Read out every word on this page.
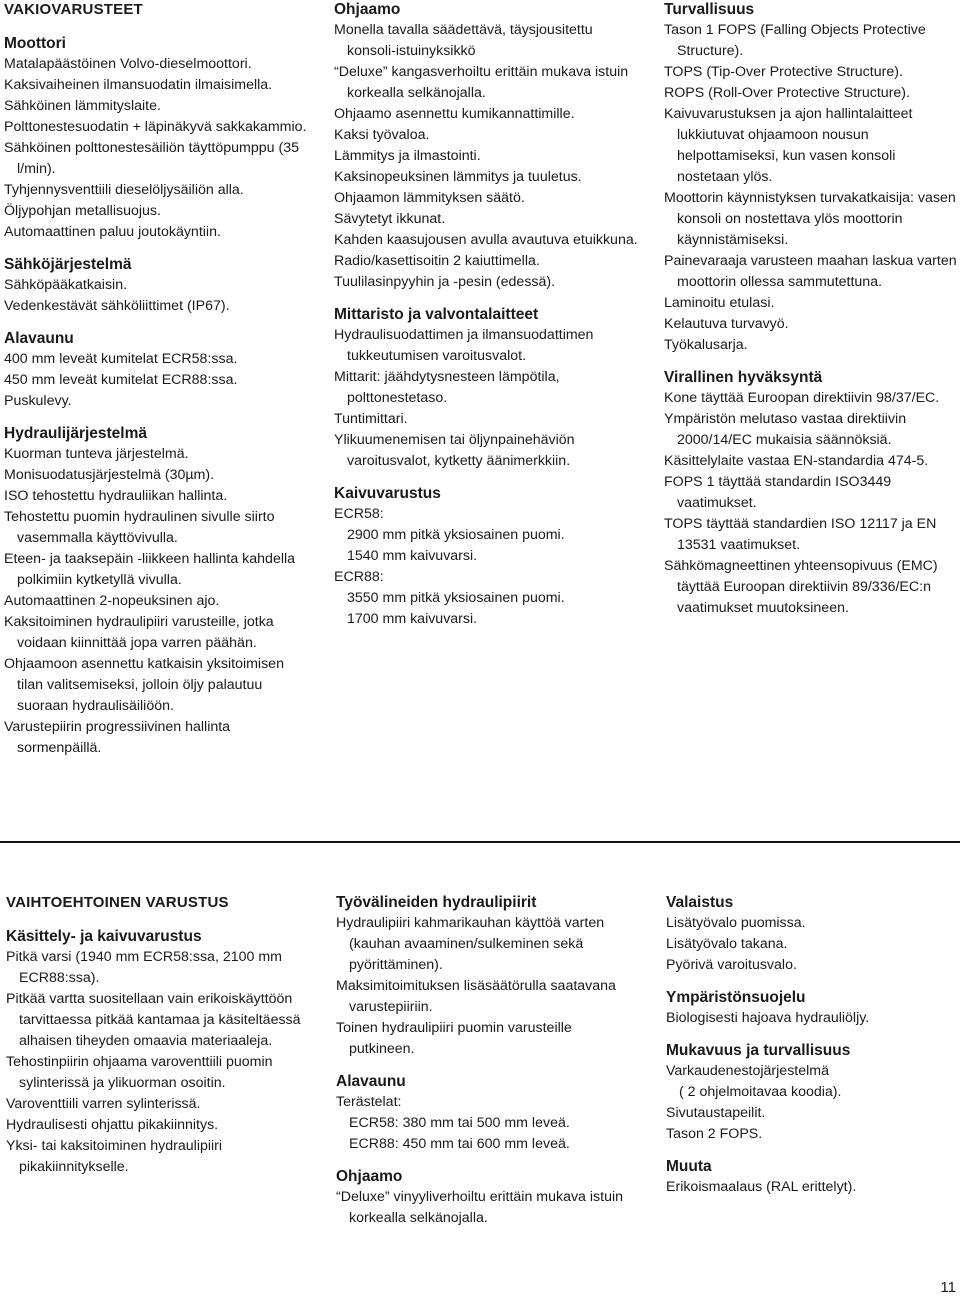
VAKIOVARUSTEET
Moottori
Matalapäästöinen Volvo-dieselmoottori.
Kaksivaiheinen ilmansuodatin ilmaisimella.
Sähköinen lämmityslaite.
Polttonestesuodatin + läpinäkyvä sakkakammio.
Sähköinen polttonestesäiliön täyttöpumppu (35 l/min).
Tyhjennysventtiili dieselöljysäiliön alla.
Öljypohjan metallisuojus.
Automaattinen paluu joutokäyntiin.
Sähköjärjestelmä
Sähköpääkatkaisin.
Vedenkestävät sähköliittimet (IP67).
Alavaunu
400 mm leveät kumitelat ECR58:ssa.
450 mm leveät kumitelat ECR88:ssa.
Puskulevy.
Hydraulijärjestelmä
Kuorman tunteva järjestelmä.
Monisuodatusjärjestelmä (30µm).
ISO tehostettu hydrauliikan hallinta.
Tehostettu puomin hydraulinen sivulle siirto vasemmalla käyttövivulla.
Eteen- ja taaksepäin -liikkeen hallinta kahdella polkimiin kytketyllä vivulla.
Automaattinen 2-nopeuksinen ajo.
Kaksitoiminen hydraulipiiri varusteille, jotka voidaan kiinnittää jopa varren päähän.
Ohjaamoon asennettu katkaisin yksitoimisen tilan valitsemiseksi, jolloin öljy palautuu suoraan hydraulisäiliöön.
Varustepiirin progressiivinen hallinta sormenpäillä.
Ohjaamo
Monella tavalla säädettävä, täysjousitettu konsoli-istuinyksikkö
“Deluxe” kangasverhoiltu erittäin mukava istuin korkealla selkänojalla.
Ohjaamo asennettu kumikannattimille.
Kaksi työvaloa.
Lämmitys ja ilmastointi.
Kaksinopeuksinen lämmitys ja tuuletus.
Ohjaamon lämmityksen säätö.
Sävytetyt ikkunat.
Kahden kaasujousen avulla avautuva etuikkuna.
Radio/kasettisoitin 2 kaiuttimella.
Tuulilasinpyyhin ja -pesin (edessä).
Mittaristo ja valvontalaitteet
Hydraulisuodattimen ja ilmansuodattimen tukkeutumisen varoitusvalot.
Mittarit: jäähdytysnesteen lämpötila, polttonestetaso.
Tuntimittari.
Ylikuumenemisen tai öljynpainehäviön varoitusvalot, kytketty äänimerkkiin.
Kaivuvarustus
ECR58:
2900 mm pitkä yksiosainen puomi.
1540 mm kaivuvarsi.
ECR88:
3550 mm pitkä yksiosainen puomi.
1700 mm kaivuvarsi.
Turvallisuus
Tason 1 FOPS (Falling Objects Protective Structure).
TOPS (Tip-Over Protective Structure).
ROPS (Roll-Over Protective Structure).
Kaivuvarustuksen ja ajon hallintalaitteet lukkiutuvat ohjaamoon nousun helpottamiseksi, kun vasen konsoli nostetaan ylös.
Moottorin käynnistyksen turvakatkaisija: vasen konsoli on nostettava ylös moottorin käynnistämiseksi.
Painevaraaja varusteen maahan laskua varten moottorin ollessa sammutettuna.
Laminoitu etulasi.
Kelautuva turvavyö.
Työkalusarja.
Virallinen hyväksyntä
Kone täyttää Euroopan direktiivin 98/37/EC.
Ympäristön melutaso vastaa direktiivin 2000/14/EC mukaisia säännöksiä.
Käsittelylaite vastaa EN-standardia 474-5.
FOPS 1 täyttää standardin ISO3449 vaatimukset.
TOPS täyttää standardien ISO 12117 ja EN 13531 vaatimukset.
Sähkömagneettinen yhteensopivuus (EMC) täyttää Euroopan direktiivin 89/336/EC:n vaatimukset muutoksineen.
VAIHTOEHTOINEN VARUSTUS
Käsittely- ja kaivuvarustus
Pitkä varsi (1940 mm ECR58:ssa, 2100 mm ECR88:ssa).
Pitkää vartta suositellaan vain erikoiskäyttöön tarvittaessa pitkää kantamaa ja käsiteltäessä alhaisen tiheyden omaavia materiaaleja.
Tehostinpiirin ohjaama varoventtiili puomin sylinterissä ja ylikuorman osoitin.
Varoventtiili varren sylinterissä.
Hydraulisesti ohjattu pikakiinnitys.
Yksi- tai kaksitoiminen hydraulipiiri pikakiinnitykselle.
Työvälineiden hydraulipiirit
Hydraulipiiri kahmarikauhan käyttöä varten (kauhan avaaminen/sulkeminen sekä pyörittäminen).
Maksimitoimituksen lisäsäätörulla saatavana varustepiiriin.
Toinen hydraulipiiri puomin varusteille putkineen.
Alavaunu
Terästelat:
ECR58: 380 mm tai 500 mm leveä.
ECR88: 450 mm tai 600 mm leveä.
Ohjaamo
“Deluxe” vinyyliverhoiltu erittäin mukava istuin korkealla selkänojalla.
Valaistus
Lisätyövalo puomissa.
Lisätyövalo takana.
Pyörivä varoitusvalo.
Ympäristönsuojelu
Biologisesti hajoava hydrauliöljy.
Mukavuus ja turvallisuus
Varkaudenestojärjestelmä
( 2 ohjelmoitavaa koodia).
Sivutaustapeilit.
Tason 2 FOPS.
Muuta
Erikoismaalaus (RAL erittelyt).
11
